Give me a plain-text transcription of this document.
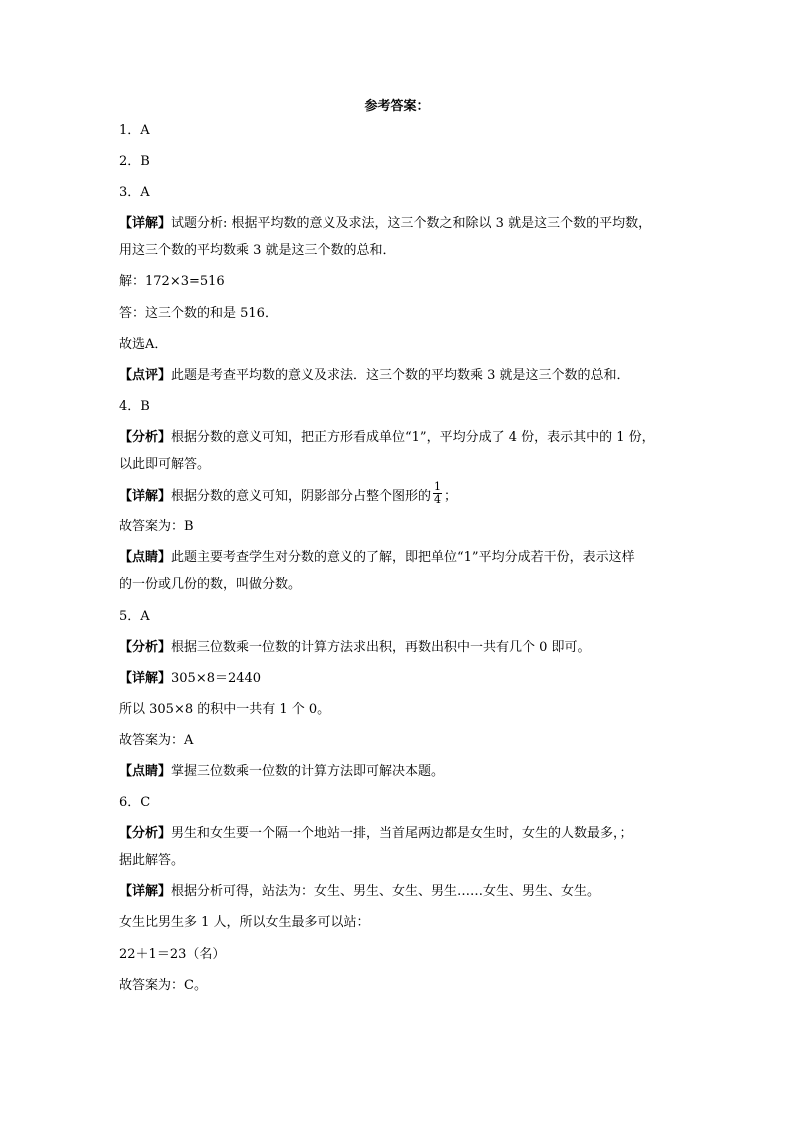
参考答案：
1．A
2．B
3．A
【详解】试题分析: 根据平均数的意义及求法，这三个数之和除以 3 就是这三个数的平均数，
用这三个数的平均数乘 3 就是这三个数的总和．
解：172×3=516
答：这三个数的和是 516．
故选A．
【点评】此题是考查平均数的意义及求法．这三个数的平均数乘 3 就是这三个数的总和．
4．B
【分析】根据分数的意义可知，把正方形看成单位“1”，平均分成了 4 份，表示其中的 1 份，
以此即可解答。
【详解】根据分数的意义可知，阴影部分占整个图形的 $\frac{1}{4}$ ；
故答案为：B
【点睛】此题主要考查学生对分数的意义的了解，即把单位“1”平均分成若干份，表示这样
的一份或几份的数，叫做分数。
5．A
【分析】根据三位数乘一位数的计算方法求出积，再数出积中一共有几个 0 即可。
【详解】305×8＝2440
所以 305×8 的积中一共有 1 个 0。
故答案为：A
【点睛】掌握三位数乘一位数的计算方法即可解决本题。
6．C
【分析】男生和女生要一个隔一个地站一排，当首尾两边都是女生时，女生的人数最多，；
据此解答。
【详解】根据分析可得，站法为：女生、男生、女生、男生……女生、男生、女生。
女生比男生多 1 人，所以女生最多可以站：
22＋1＝23（名）
故答案为：C。
